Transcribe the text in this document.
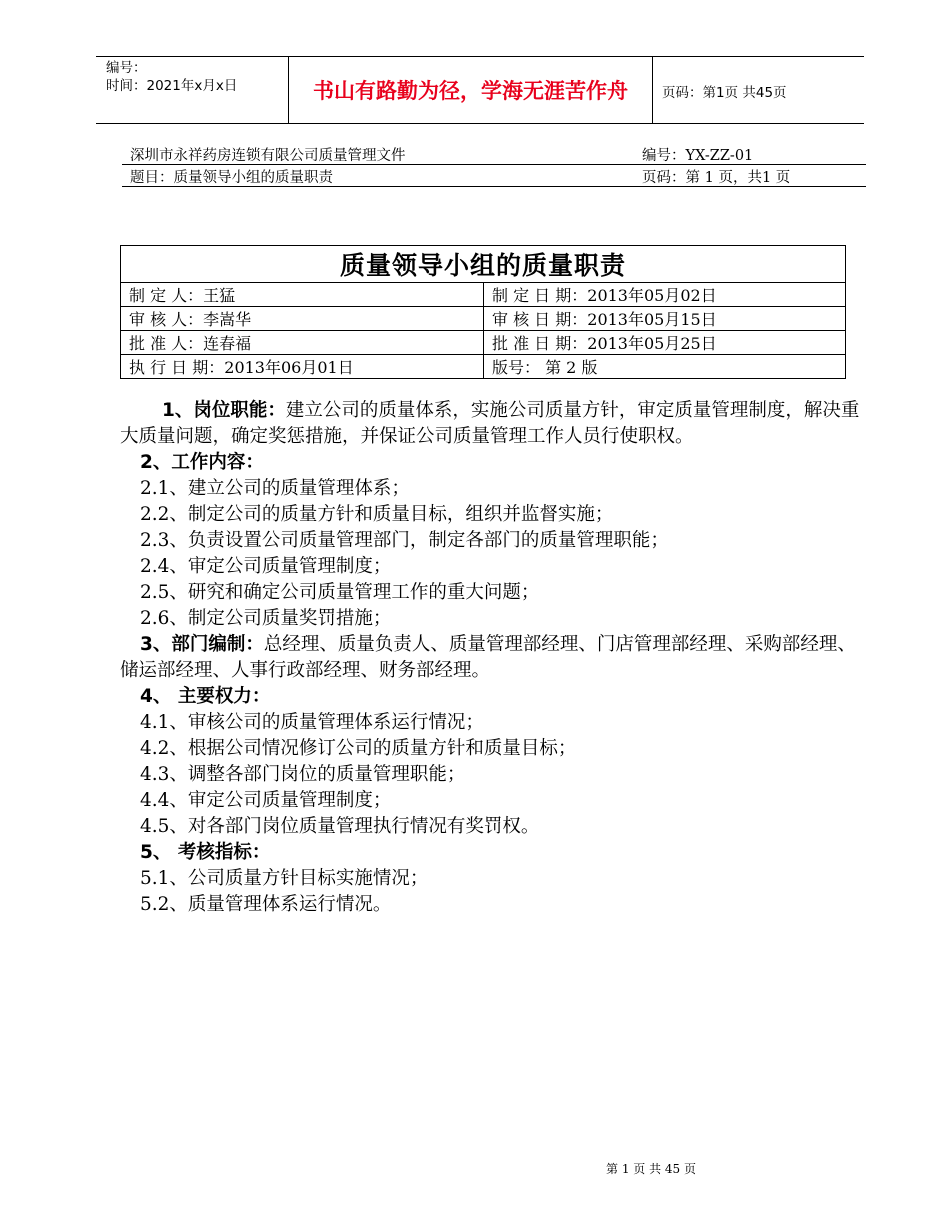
编号：
时间：2021年x月x日	书山有路勤为径，学海无涯苦作舟	页码：第1页 共45页
深圳市永祥药房连锁有限公司质量管理文件	编号：YX-ZZ-01
题目：质量领导小组的质量职责	页码：第 1 页，共1 页
质量领导小组的质量职责	
制 定 人：王猛	制 定 日 期：2013年05月02日
审 核 人：李嵩华	审 核 日 期：2013年05月15日
批 准 人：连春福	批 准 日 期：2013年05月25日
执 行 日 期：2013年06月01日	版号： 第 2 版

1、岗位职能：建立公司的质量体系，实施公司质量方针，审定质量管理制度，解决重大质量问题，确定奖惩措施，并保证公司质量管理工作人员行使职权。

2、工作内容：

2.1、建立公司的质量管理体系；

2.2、制定公司的质量方针和质量目标，组织并监督实施；

2.3、负责设置公司质量管理部门，制定各部门的质量管理职能；

2.4、审定公司质量管理制度；

2.5、研究和确定公司质量管理工作的重大问题；

2.6、制定公司质量奖罚措施；

3、部门编制：总经理、质量负责人、质量管理部经理、门店管理部经理、采购部经理、储运部经理、人事行政部经理、财务部经理。

4、 主要权力：

4.1、审核公司的质量管理体系运行情况；

4.2、根据公司情况修订公司的质量方针和质量目标；

4.3、调整各部门岗位的质量管理职能；

4.4、审定公司质量管理制度；

4.5、对各部门岗位质量管理执行情况有奖罚权。

5、 考核指标：

5.1、公司质量方针目标实施情况；

5.2、质量管理体系运行情况。

第 1 页 共 45 页
